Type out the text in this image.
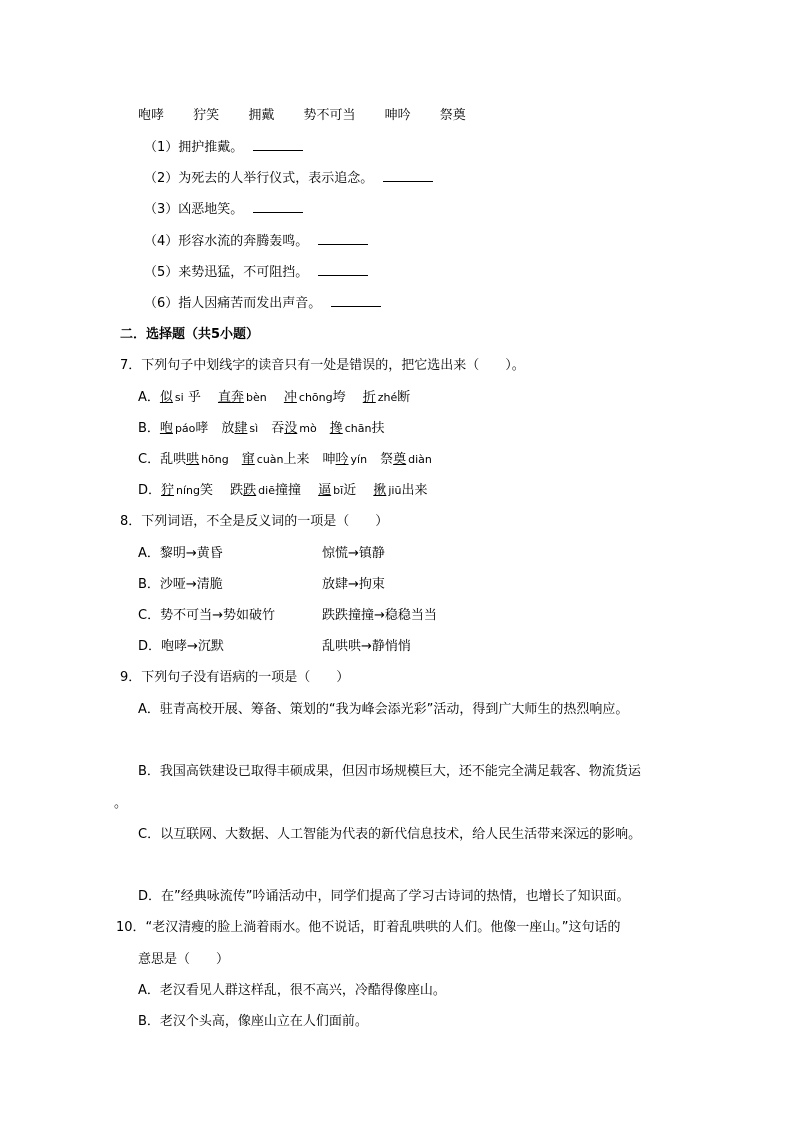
咆哮 狞笑 拥戴 势不可当 呻吟 祭奠
（1）拥护推戴。
（2）为死去的人举行仪式，表示追念。
（3）凶恶地笑。
（4）形容水流的奔腾轰鸣。
（5）来势迅猛，不可阻挡。
（6）指人因痛苦而发出声音。
二．选择题（共5小题）
7．下列句子中划线字的读音只有一处是错误的，把它选出来（　　）。
A．似 si 乎　 直奔 bèn　 冲 chōng垮　 折 zhé断
B．咆 páo哮　放肆 sì　吞没 mò　 搀 chān扶
C．乱哄哄 hōng　 窜 cuàn上来　呻吟 yín　祭奠 diàn
D．狞 níng笑　 跌跌 diē撞撞　 逼 bī近　 揪 jiū出来
8．下列词语，不全是反义词的一项是（　　）
A．黎明→黄昏	惊慌→镇静
B．沙哑→清脆	放肆→拘束
C．势不可当→势如破竹	跌跌撞撞→稳稳当当
D．咆哮→沉默	乱哄哄→静悄悄
9．下列句子没有语病的一项是（　　）
A．驻青高校开展、筹备、策划的“我为峰会添光彩”活动，得到广大师生的热烈响应。
B．我国高铁建设已取得丰硕成果，但因市场规模巨大，还不能完全满足载客、物流货运
。
C．以互联网、大数据、人工智能为代表的新代信息技术，给人民生活带来深远的影响。
D．在”经典咏流传”吟诵活动中，同学们提高了学习古诗词的热情，也增长了知识面。
10．“老汉清瘦的脸上淌着雨水。他不说话，盯着乱哄哄的人们。他像一座山。”这句话的
意思是（　　）
A．老汉看见人群这样乱，很不高兴，冷酷得像座山。
B．老汉个头高，像座山立在人们面前。
